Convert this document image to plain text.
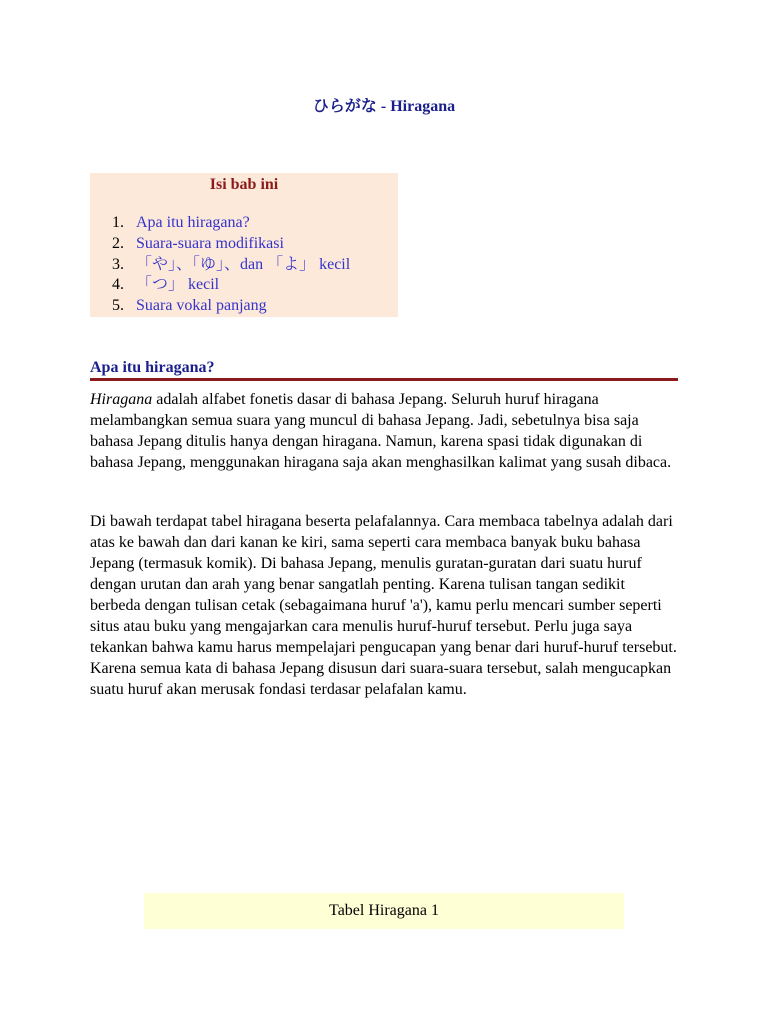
ひらがな - Hiragana
Isi bab ini
1. Apa itu hiragana?
2. Suara-suara modifikasi
3. 「や」、「ゆ」、dan 「よ」 kecil
4. 「つ」 kecil
5. Suara vokal panjang
Apa itu hiragana?

Hiragana adalah alfabet fonetis dasar di bahasa Jepang. Seluruh huruf hiragana melambangkan semua suara yang muncul di bahasa Jepang. Jadi, sebetulnya bisa saja bahasa Jepang ditulis hanya dengan hiragana. Namun, karena spasi tidak digunakan di bahasa Jepang, menggunakan hiragana saja akan menghasilkan kalimat yang susah dibaca.

Di bawah terdapat tabel hiragana beserta pelafalannya. Cara membaca tabelnya adalah dari atas ke bawah dan dari kanan ke kiri, sama seperti cara membaca banyak buku bahasa Jepang (termasuk komik). Di bahasa Jepang, menulis guratan-guratan dari suatu huruf dengan urutan dan arah yang benar sangatlah penting. Karena tulisan tangan sedikit berbeda dengan tulisan cetak (sebagaimana huruf 'a'), kamu perlu mencari sumber seperti situs atau buku yang mengajarkan cara menulis huruf-huruf tersebut. Perlu juga saya tekankan bahwa kamu harus mempelajari pengucapan yang benar dari huruf-huruf tersebut. Karena semua kata di bahasa Jepang disusun dari suara-suara tersebut, salah mengucapkan suatu huruf akan merusak fondasi terdasar pelafalan kamu.

Tabel Hiragana 1
